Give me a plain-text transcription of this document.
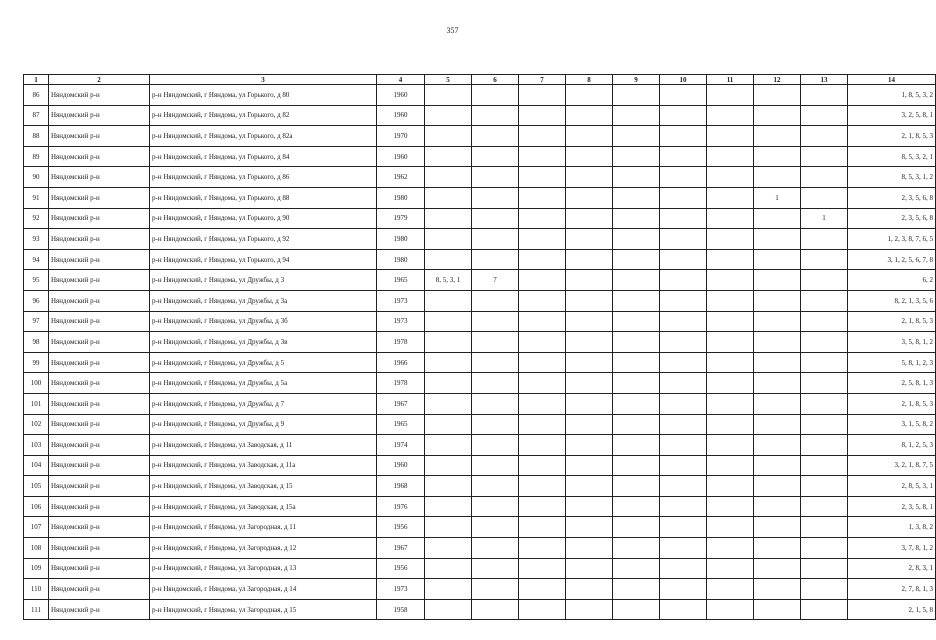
357
1	2	3	4	5	6	7	8	9	10	11	12	13	14
86	Няндомский р-н	р-н Няндомский, г Няндома, ул Горького, д 80	1960										1, 8, 5, 3, 2
87	Няндомский р-н	р-н Няндомский, г Няндома, ул Горького, д 82	1960										3, 2, 5, 8, 1
88	Няндомский р-н	р-н Няндомский, г Няндома, ул Горького, д 82а	1970										2, 1, 8, 5, 3
89	Няндомский р-н	р-н Няндомский, г Няндома, ул Горького, д 84	1960										8, 5, 3, 2, 1
90	Няндомский р-н	р-н Няндомский, г Няндома, ул Горького, д 86	1962										8, 5, 3, 1, 2
91	Няндомский р-н	р-н Няндомский, г Няндома, ул Горького, д 88	1980								1		2, 3, 5, 6, 8
92	Няндомский р-н	р-н Няндомский, г Няндома, ул Горького, д 90	1979									1	2, 3, 5, 6, 8
93	Няндомский р-н	р-н Няндомский, г Няндома, ул Горького, д 92	1980										1, 2, 3, 8, 7, 6, 5
94	Няндомский р-н	р-н Няндомский, г Няндома, ул Горького, д 94	1980										3, 1, 2, 5, 6, 7, 8
95	Няндомский р-н	р-н Няндомский, г Няндома, ул Дружбы, д 3	1965	8, 5, 3, 1	7								6, 2
96	Няндомский р-н	р-н Няндомский, г Няндома, ул Дружбы, д 3а	1973										8, 2, 1, 3, 5, 6
97	Няндомский р-н	р-н Няндомский, г Няндома, ул Дружбы, д 3б	1973										2, 1, 8, 5, 3
98	Няндомский р-н	р-н Няндомский, г Няндома, ул Дружбы, д 3в	1978										3, 5, 8, 1, 2
99	Няндомский р-н	р-н Няндомский, г Няндома, ул Дружбы, д 5	1966										5, 8, 1, 2, 3
100	Няндомский р-н	р-н Няндомский, г Няндома, ул Дружбы, д 5а	1978										2, 5, 8, 1, 3
101	Няндомский р-н	р-н Няндомский, г Няндома, ул Дружбы, д 7	1967										2, 1, 8, 5, 3
102	Няндомский р-н	р-н Няндомский, г Няндома, ул Дружбы, д 9	1965										3, 1, 5, 8, 2
103	Няндомский р-н	р-н Няндомский, г Няндома, ул Заводская, д 11	1974										8, 1, 2, 5, 3
104	Няндомский р-н	р-н Няндомский, г Няндома, ул Заводская, д 11а	1960										3, 2, 1, 8, 7, 5
105	Няндомский р-н	р-н Няндомский, г Няндома, ул Заводская, д 15	1968										2, 8, 5, 3, 1
106	Няндомский р-н	р-н Няндомский, г Няндома, ул Заводская, д 15а	1976										2, 3, 5, 8, 1
107	Няндомский р-н	р-н Няндомский, г Няндома, ул Загородная, д 11	1956										1, 3, 8, 2
108	Няндомский р-н	р-н Няндомский, г Няндома, ул Загородная, д 12	1967										3, 7, 8, 1, 2
109	Няндомский р-н	р-н Няндомский, г Няндома, ул Загородная, д 13	1956										2, 8, 3, 1
110	Няндомский р-н	р-н Няндомский, г Няндома, ул Загородная, д 14	1973										2, 7, 8, 1, 3
111	Няндомский р-н	р-н Няндомский, г Няндома, ул Загородная, д 15	1958										2, 1, 5, 8
